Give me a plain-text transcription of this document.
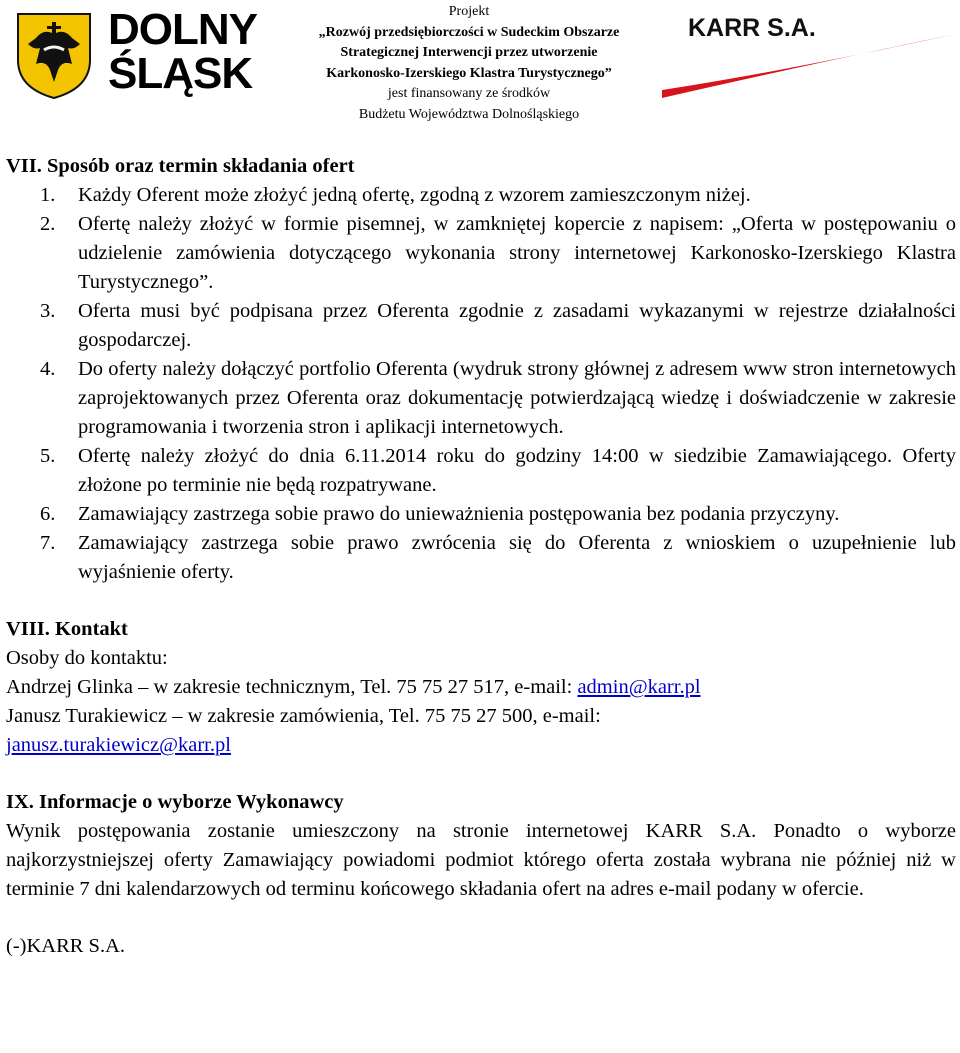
DOLNY
ŚLĄSK
Projekt
„Rozwój przedsiębiorczości w Sudeckim Obszarze
Strategicznej Interwencji przez utworzenie
Karkonosko-Izerskiego Klastra Turystycznego”
jest finansowany ze środków
Budżetu Województwa Dolnośląskiego
KARR S.A.
VII. Sposób oraz termin składania ofert
1. Każdy Oferent może złożyć jedną ofertę, zgodną z wzorem zamieszczonym niżej.
2. Ofertę należy złożyć w formie pisemnej, w zamkniętej kopercie z napisem: „Oferta w postępowaniu o udzielenie zamówienia dotyczącego wykonania strony internetowej Karkonosko-Izerskiego Klastra Turystycznego”.
3. Oferta musi być podpisana przez Oferenta zgodnie z zasadami wykazanymi w rejestrze działalności gospodarczej.
4. Do oferty należy dołączyć portfolio Oferenta (wydruk strony głównej z adresem www stron internetowych zaprojektowanych przez Oferenta oraz dokumentację potwierdzającą wiedzę i doświadczenie w zakresie programowania i tworzenia stron i aplikacji internetowych.
5. Ofertę należy złożyć do dnia 6.11.2014 roku do godziny 14:00 w siedzibie Zamawiającego. Oferty złożone po terminie nie będą rozpatrywane.
6. Zamawiający zastrzega sobie prawo do unieważnienia postępowania bez podania przyczyny.
7. Zamawiający zastrzega sobie prawo zwrócenia się do Oferenta z wnioskiem o uzupełnienie lub wyjaśnienie oferty.
VIII. Kontakt
Osoby do kontaktu:
Andrzej Glinka – w zakresie technicznym, Tel. 75 75 27 517, e-mail: admin@karr.pl
Janusz Turakiewicz – w zakresie zamówienia, Tel. 75 75 27 500, e-mail:
janusz.turakiewicz@karr.pl
IX. Informacje o wyborze Wykonawcy
Wynik postępowania zostanie umieszczony na stronie internetowej KARR S.A. Ponadto o wyborze najkorzystniejszej oferty Zamawiający powiadomi podmiot którego oferta została wybrana nie później niż w terminie 7 dni kalendarzowych od terminu końcowego składania ofert na adres e-mail podany w ofercie.
(-)KARR S.A.
